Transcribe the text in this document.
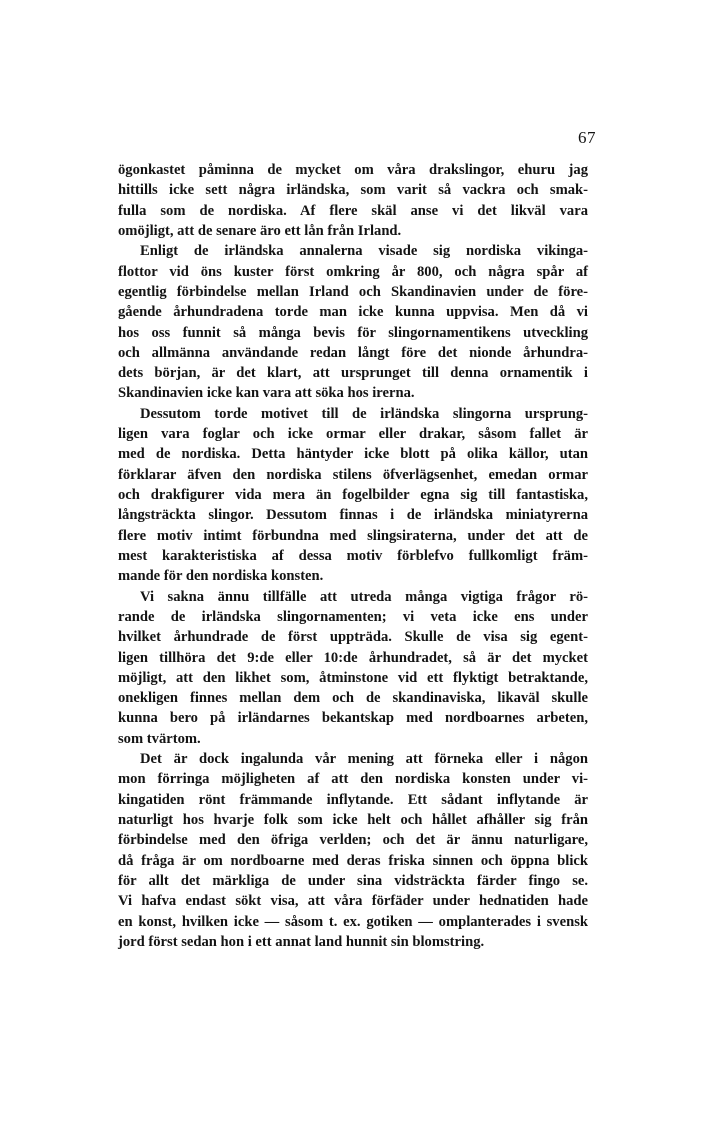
67
ögonkastet påminna de mycket om våra drakslingor, ehuru jag
hittills icke sett några irländska, som varit så vackra och smak-
fulla som de nordiska. Af flere skäl anse vi det likväl vara
omöjligt, att de senare äro ett lån från Irland.
Enligt de irländska annalerna visade sig nordiska vikinga-
flottor vid öns kuster först omkring år 800, och några spår af
egentlig förbindelse mellan Irland och Skandinavien under de före-
gående århundradena torde man icke kunna uppvisa. Men då vi
hos oss funnit så många bevis för slingornamentikens utveckling
och allmänna användande redan långt före det nionde århundra-
dets början, är det klart, att ursprunget till denna ornamentik i
Skandinavien icke kan vara att söka hos irerna.
Dessutom torde motivet till de irländska slingorna ursprung-
ligen vara foglar och icke ormar eller drakar, såsom fallet är
med de nordiska. Detta häntyder icke blott på olika källor, utan
förklarar äfven den nordiska stilens öfverlägsenhet, emedan ormar
och drakfigurer vida mera än fogelbilder egna sig till fantastiska,
långsträckta slingor. Dessutom finnas i de irländska miniatyrerna
flere motiv intimt förbundna med slingsiraterna, under det att de
mest karakteristiska af dessa motiv förblefvo fullkomligt främ-
mande för den nordiska konsten.
Vi sakna ännu tillfälle att utreda många vigtiga frågor rö-
rande de irländska slingornamenten; vi veta icke ens under
hvilket århundrade de först uppträda. Skulle de visa sig egent-
ligen tillhöra det 9:de eller 10:de århundradet, så är det mycket
möjligt, att den likhet som, åtminstone vid ett flyktigt betraktande,
onekligen finnes mellan dem och de skandinaviska, likaväl skulle
kunna bero på irländarnes bekantskap med nordboarnes arbeten,
som tvärtom.
Det är dock ingalunda vår mening att förneka eller i någon
mon förringa möjligheten af att den nordiska konsten under vi-
kingatiden rönt främmande inflytande. Ett sådant inflytande är
naturligt hos hvarje folk som icke helt och hållet afhåller sig från
förbindelse med den öfriga verlden; och det är ännu naturligare,
då fråga är om nordboarne med deras friska sinnen och öppna blick
för allt det märkliga de under sina vidsträckta färder fingo se.
Vi hafva endast sökt visa, att våra förfäder under hednatiden hade
en konst, hvilken icke — såsom t. ex. gotiken — omplanterades i svensk
jord först sedan hon i ett annat land hunnit sin blomstring.
